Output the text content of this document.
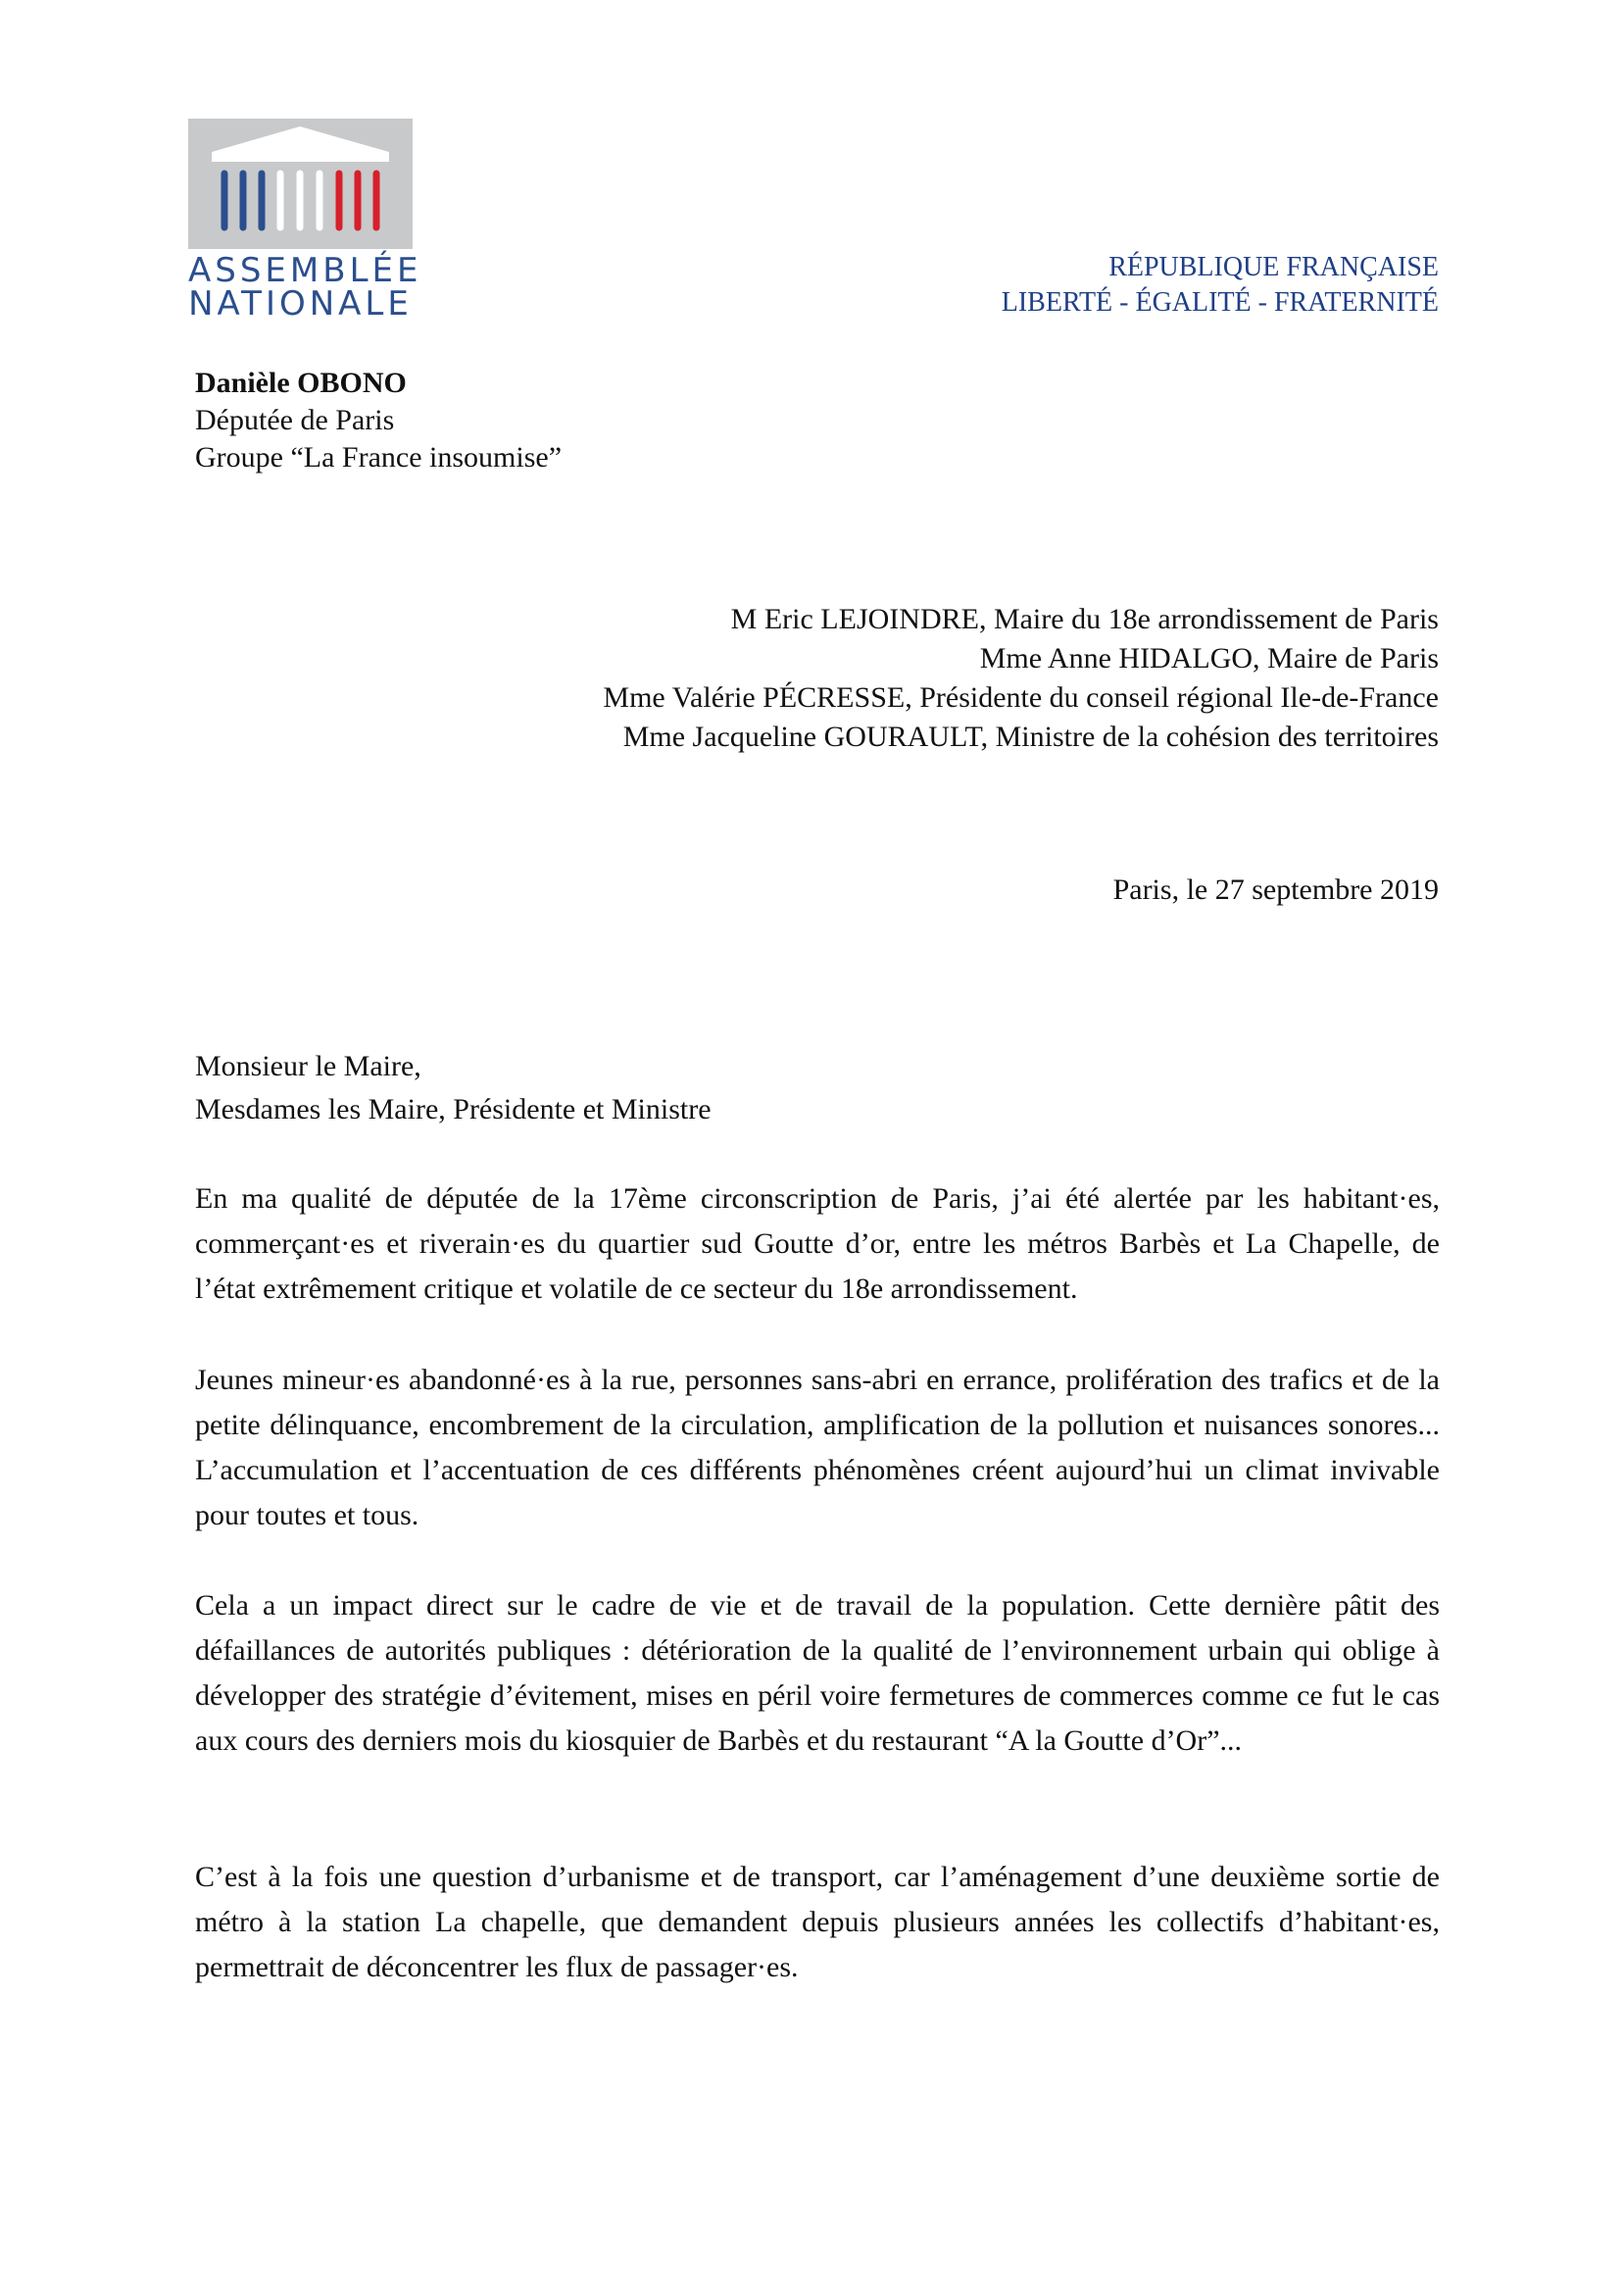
ASSEMBLÉE
NATIONALE
RÉPUBLIQUE FRANÇAISE
LIBERTÉ - ÉGALITÉ - FRATERNITÉ
Danièle OBONO
Députée de Paris
Groupe “La France insoumise”
M Eric LEJOINDRE, Maire du 18e arrondissement de Paris
Mme Anne HIDALGO, Maire de Paris
Mme Valérie PÉCRESSE, Présidente du conseil régional Ile-de-France
Mme Jacqueline GOURAULT, Ministre de la cohésion des territoires
Paris, le 27 septembre 2019
Monsieur le Maire,
Mesdames les Maire, Présidente et Ministre
En ma qualité de députée de la 17ème circonscription de Paris, j’ai été alertée par les habitant·es, commerçant·es et riverain·es du quartier sud Goutte d’or, entre les métros Barbès et La Chapelle, de l’état extrêmement critique et volatile de ce secteur du 18e arrondissement.
Jeunes mineur·es abandonné·es à la rue, personnes sans-abri en errance, prolifération des trafics et de la petite délinquance, encombrement de la circulation, amplification de la pollution et nuisances sonores... L’accumulation et l’accentuation de ces différents phénomènes créent aujourd’hui un climat invivable pour toutes et tous.
Cela a un impact direct sur le cadre de vie et de travail de la population. Cette dernière pâtit des défaillances de autorités publiques : détérioration de la qualité de l’environnement urbain qui oblige à développer des stratégie d’évitement, mises en péril voire fermetures de commerces comme ce fut le cas aux cours des derniers mois du kiosquier de Barbès et du restaurant “A la Goutte d’Or”...
C’est à la fois une question d’urbanisme et de transport, car l’aménagement d’une deuxième sortie de métro à la station La chapelle, que demandent depuis plusieurs années les collectifs d’habitant·es, permettrait de déconcentrer les flux de passager·es.
